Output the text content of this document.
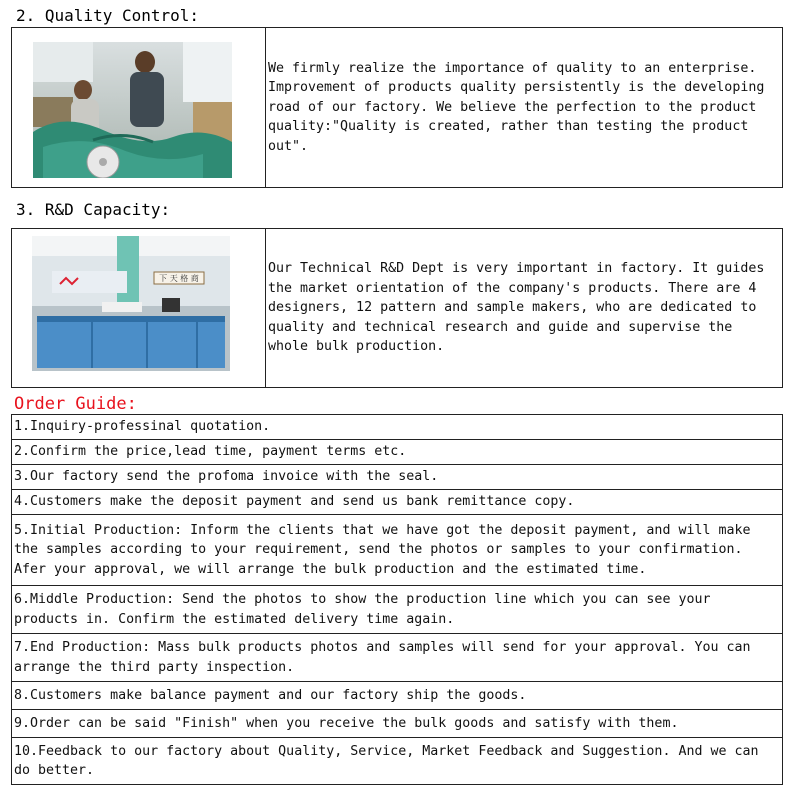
2. Quality Control:
We firmly realize the importance of quality to an enterprise.
Improvement of products quality persistently is the developing
road of our factory. We believe the perfection to the product
quality:"Quality is created, rather than testing the product
out".
3. R&D Capacity:
下 天 格 商
Our Technical R&D Dept is very important in factory. It guides
the market orientation of the company's products. There are 4
designers, 12 pattern and sample makers, who are dedicated to
quality and technical research and guide and supervise the
whole bulk production.
Order Guide:
1.Inquiry-professinal quotation.
2.Confirm the price,lead time, payment terms etc.
3.Our factory send the profoma invoice with the seal.
4.Customers make the deposit payment and send us bank remittance copy.
5.Initial Production: Inform the clients that we have got the deposit payment, and will make the samples according to your requirement, send the photos or samples to your confirmation. Afer your approval, we will arrange the bulk production and the estimated time.
6.Middle Production: Send the photos to show the production line which you can see your products in. Confirm the estimated delivery time again.
7.End Production: Mass bulk products photos and samples will send for your approval. You can arrange the third party inspection.
8.Customers make balance payment and our factory ship the goods.
9.Order can be said "Finish" when you receive the bulk goods and satisfy with them.
10.Feedback to our factory about Quality, Service, Market Feedback and Suggestion. And we can do better.
